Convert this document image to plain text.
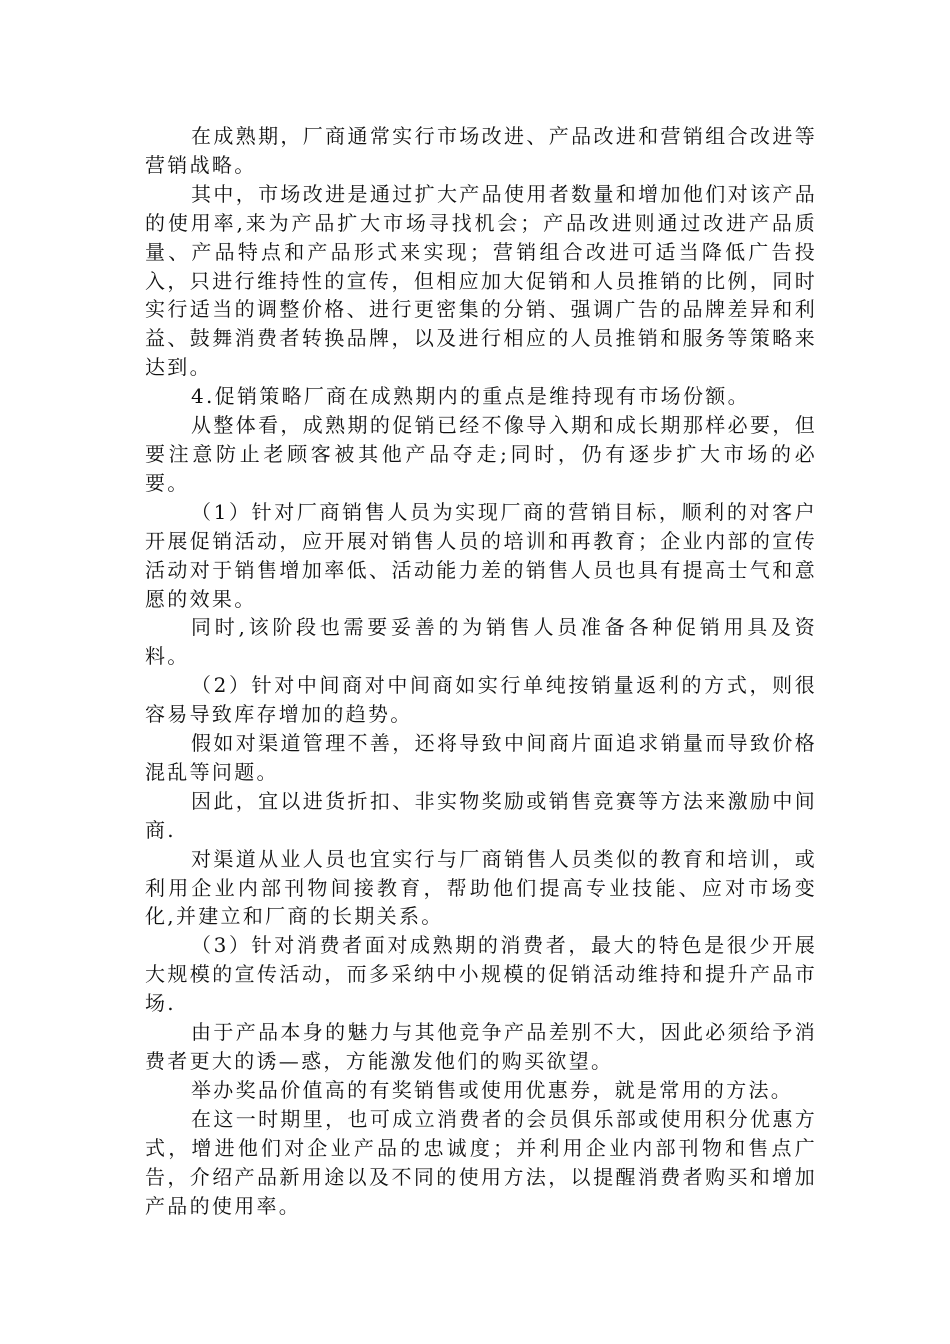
在成熟期，厂商通常实行市场改进、产品改进和营销组合改进等营销战略。

其中，市场改进是通过扩大产品使用者数量和增加他们对该产品的使用率,来为产品扩大市场寻找机会；产品改进则通过改进产品质量、产品特点和产品形式来实现；营销组合改进可适当降低广告投入，只进行维持性的宣传，但相应加大促销和人员推销的比例，同时实行适当的调整价格、进行更密集的分销、强调广告的品牌差异和利益、鼓舞消费者转换品牌，以及进行相应的人员推销和服务等策略来达到。

4.促销策略厂商在成熟期内的重点是维持现有市场份额。

从整体看，成熟期的促销已经不像导入期和成长期那样必要，但要注意防止老顾客被其他产品夺走;同时，仍有逐步扩大市场的必要。

（1）针对厂商销售人员为实现厂商的营销目标，顺利的对客户开展促销活动，应开展对销售人员的培训和再教育；企业内部的宣传活动对于销售增加率低、活动能力差的销售人员也具有提高士气和意愿的效果。

同时,该阶段也需要妥善的为销售人员准备各种促销用具及资料。

（2）针对中间商对中间商如实行单纯按销量返利的方式，则很容易导致库存增加的趋势。

假如对渠道管理不善，还将导致中间商片面追求销量而导致价格混乱等问题。

因此，宜以进货折扣、非实物奖励或销售竞赛等方法来激励中间商.

对渠道从业人员也宜实行与厂商销售人员类似的教育和培训，或利用企业内部刊物间接教育，帮助他们提高专业技能、应对市场变化,并建立和厂商的长期关系。

（3）针对消费者面对成熟期的消费者，最大的特色是很少开展大规模的宣传活动，而多采纳中小规模的促销活动维持和提升产品市场.

由于产品本身的魅力与其他竞争产品差别不大，因此必须给予消费者更大的诱—惑，方能激发他们的购买欲望。

举办奖品价值高的有奖销售或使用优惠券，就是常用的方法。

在这一时期里，也可成立消费者的会员俱乐部或使用积分优惠方式，增进他们对企业产品的忠诚度；并利用企业内部刊物和售点广告，介绍产品新用途以及不同的使用方法，以提醒消费者购买和增加产品的使用率。
